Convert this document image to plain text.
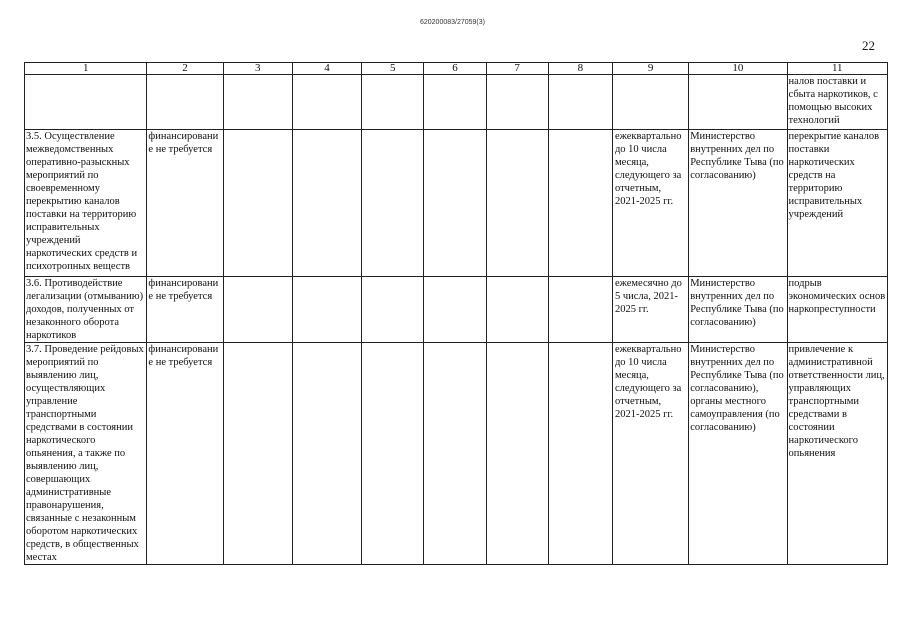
620200083/27059(3)
22
1	2	3	4	5	6	7	8	9	10	11
										налов поставки и сбыта наркотиков, с помощью высоких технологий
3.5. Осуществление межведомственных оперативно-разыскных мероприятий по своевременному перекрытию каналов поставки на территорию исправительных учреждений наркотических средств и психотропных веществ	финансирование не требуется							ежеквартально до 10 числа месяца, следующего за отчетным, 2021-2025 гг.	Министерство внутренних дел по Республике Тыва (по согласованию)	перекрытие каналов поставки наркотических средств на территорию исправительных учреждений
3.6. Противодействие легализации (отмыванию) доходов, полученных от незаконного оборота наркотиков	финансирование не требуется							ежемесячно до 5 числа, 2021-2025 гг.	Министерство внутренних дел по Республике Тыва (по согласованию)	подрыв экономических основ наркопреступности
3.7. Проведение рейдовых мероприятий по выявлению лиц, осуществляющих управление транспортными средствами в состоянии наркотического опьянения, а также по выявлению лиц, совершающих административные правонарушения, связанные с незаконным оборотом наркотических средств, в общественных местах	финансирование не требуется							ежеквартально до 10 числа месяца, следующего за отчетным, 2021-2025 гг.	Министерство внутренних дел по Республике Тыва (по согласованию), органы местного самоуправления (по согласованию)	привлечение к административной ответственности лиц, управляющих транспортными средствами в состоянии наркотического опьянения
